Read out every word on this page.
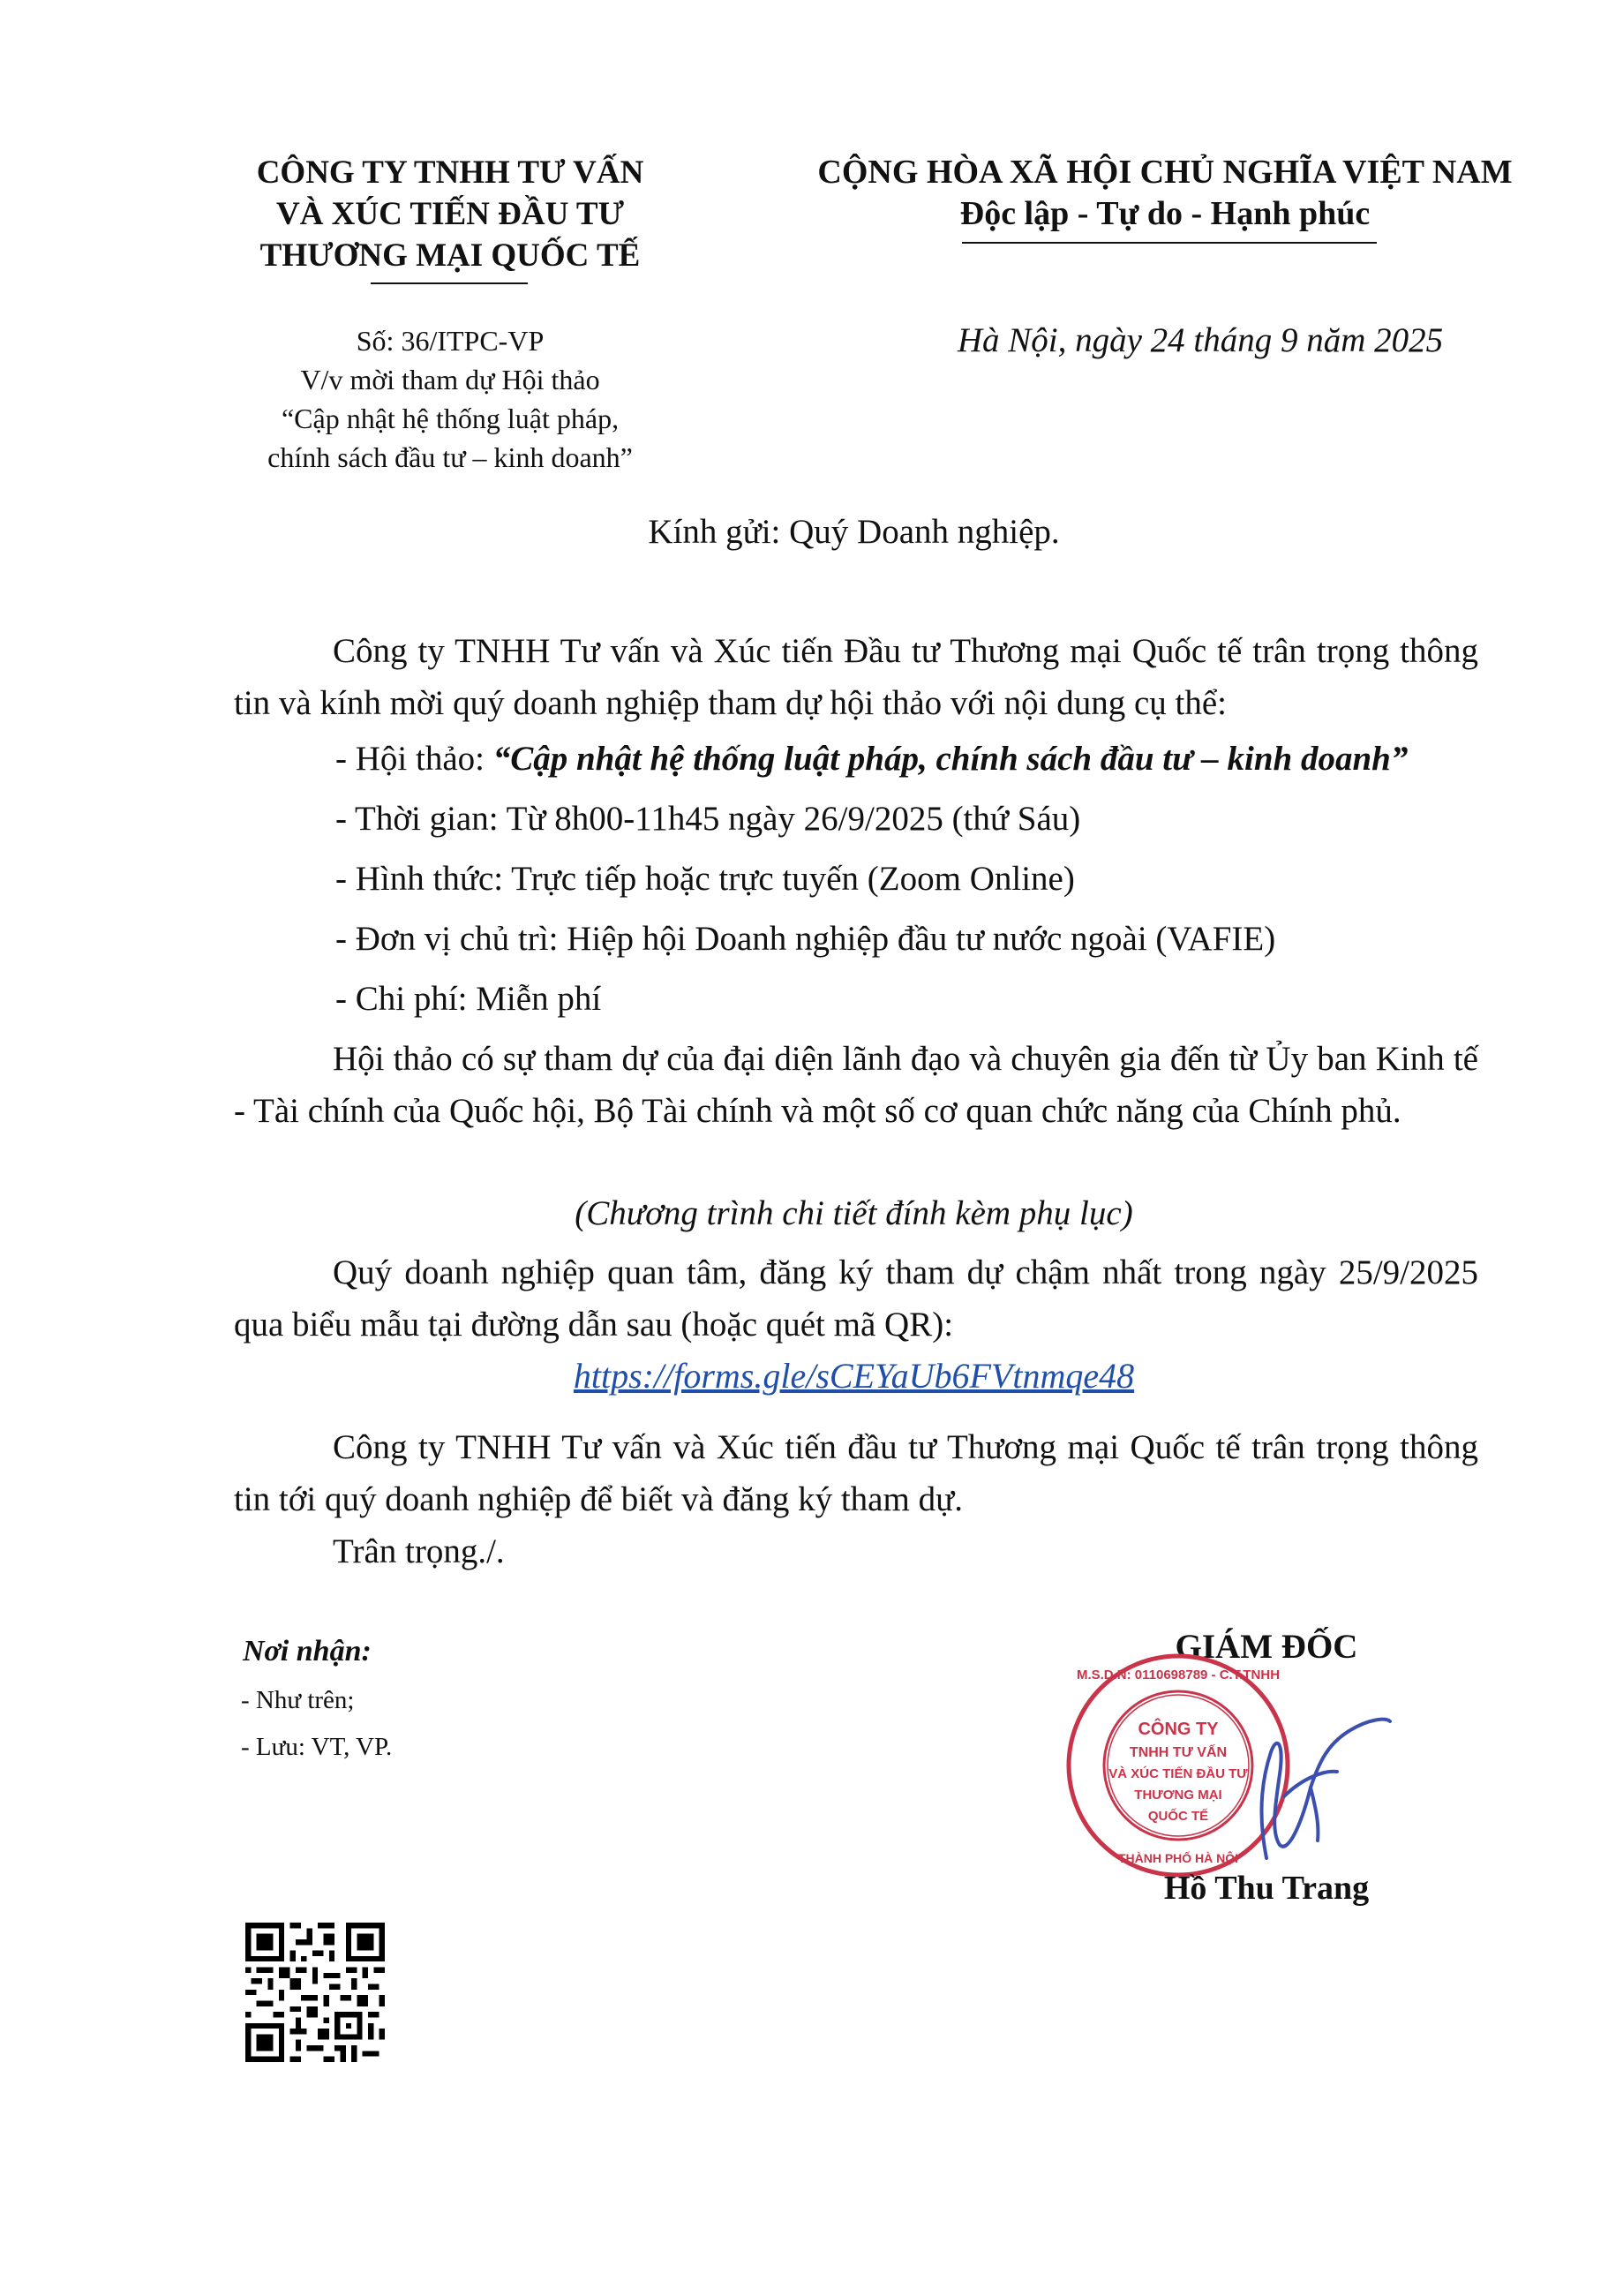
CÔNG TY TNHH TƯ VẤN
VÀ XÚC TIẾN ĐẦU TƯ
THƯƠNG MẠI QUỐC TẾ
Số: 36/ITPC-VP
V/v mời tham dự Hội thảo
“Cập nhật hệ thống luật pháp,
chính sách đầu tư – kinh doanh”
CỘNG HÒA XÃ HỘI CHỦ NGHĨA VIỆT NAM
Độc lập - Tự do - Hạnh phúc
Hà Nội, ngày 24 tháng 9 năm 2025
Kính gửi: Quý Doanh nghiệp.
Công ty TNHH Tư vấn và Xúc tiến Đầu tư Thương mại Quốc tế trân trọng thông tin và kính mời quý doanh nghiệp tham dự hội thảo với nội dung cụ thể:
- Hội thảo: “Cập nhật hệ thống luật pháp, chính sách đầu tư – kinh doanh”
- Thời gian: Từ 8h00-11h45 ngày 26/9/2025 (thứ Sáu)
- Hình thức: Trực tiếp hoặc trực tuyến (Zoom Online)
- Đơn vị chủ trì: Hiệp hội Doanh nghiệp đầu tư nước ngoài (VAFIE)
- Chi phí: Miễn phí
Hội thảo có sự tham dự của đại diện lãnh đạo và chuyên gia đến từ Ủy ban Kinh tế - Tài chính của Quốc hội, Bộ Tài chính và một số cơ quan chức năng của Chính phủ.
(Chương trình chi tiết đính kèm phụ lục)
Quý doanh nghiệp quan tâm, đăng ký tham dự chậm nhất trong ngày 25/9/2025 qua biểu mẫu tại đường dẫn sau (hoặc quét mã QR):
https://forms.gle/sCEYaUb6FVtnmqe48
Công ty TNHH Tư vấn và Xúc tiến đầu tư Thương mại Quốc tế trân trọng thông tin tới quý doanh nghiệp để biết và đăng ký tham dự.
Trân trọng./.
Nơi nhận:
- Như trên;
- Lưu: VT, VP.
GIÁM ĐỐC
CÔNG TY
TNHH TƯ VẤN
VÀ XÚC TIẾN ĐẦU TƯ
THƯƠNG MẠI
QUỐC TẾ
M.S.D.N: 0110698789 - C.T.TNHH
THÀNH PHỐ HÀ NỘI
Hồ Thu Trang
